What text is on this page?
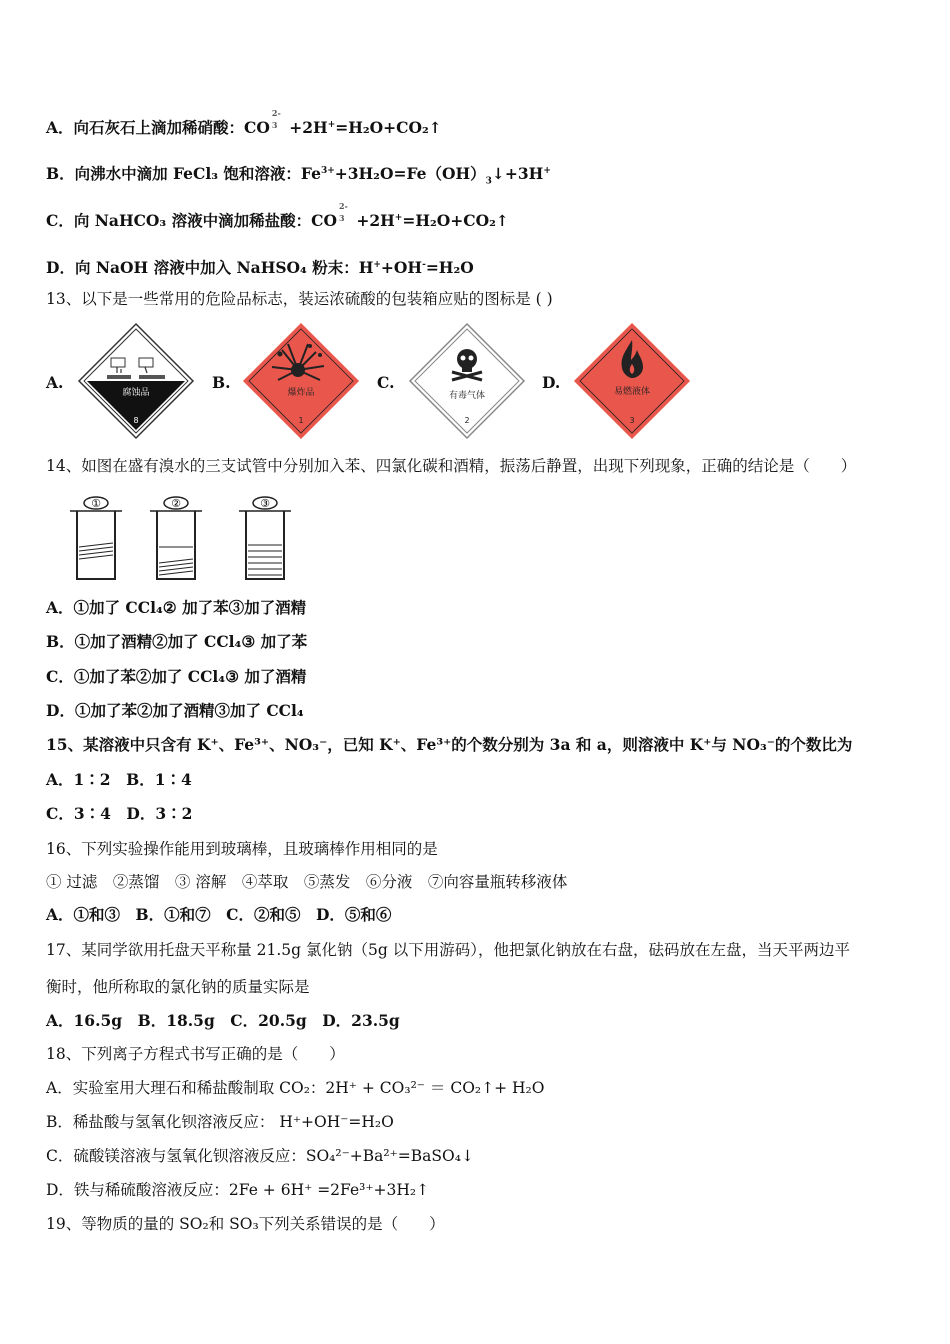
A．向石灰石上滴加稀硝酸：CO
2-
3 +2H+=H₂O+CO₂↑
B．向沸水中滴加 FeCl₃ 饱和溶液：$Fe^{3+}+3H_2O=Fe(OH)_3↓+3H^+$
C．向 NaHCO₃ 溶液中滴加稀盐酸：CO
2-
3 +2H+=H₂O+CO₂↑
D．向 NaOH 溶液中加入 NaHSO₄ 粉末：H++OH-=H₂O
13、以下是一些常用的危险品标志，装运浓硫酸的包装箱应贴的图标是 ( )
A.	B.	C.	D.
腐蚀品
8
爆炸品
1
有毒气体
2
易燃液体
3
14、如图在盛有溴水的三支试管中分别加入苯、四氯化碳和酒精，振荡后静置，出现下列现象，正确的结论是（　　）
①	②	③
A．①加了 CCl₄② 加了苯③加了酒精
B．①加了酒精②加了 CCl₄③ 加了苯
C．①加了苯②加了 CCl₄③ 加了酒精
D．①加了苯②加了酒精③加了 CCl₄
15、某溶液中只含有 K⁺、Fe³⁺、NO₃⁻，已知 K⁺、Fe³⁺的个数分别为 3a 和 a，则溶液中 K⁺与 NO₃⁻的个数比为
A．1∶2　B．1∶4
C．3∶4　D．3∶2
16、下列实验操作能用到玻璃棒，且玻璃棒作用相同的是
① 过滤　②蒸馏　③ 溶解　④萃取　⑤蒸发　⑥分液　⑦向容量瓶转移液体
A．①和③　B．①和⑦　C．②和⑤　D．⑤和⑥
17、某同学欲用托盘天平称量 21.5g 氯化钠（5g 以下用游码），他把氯化钠放在右盘，砝码放在左盘，当天平两边平
衡时，他所称取的氯化钠的质量实际是
A．16.5g　B．18.5g　C．20.5g　D．23.5g
18、下列离子方程式书写正确的是（　　）
A．实验室用大理石和稀盐酸制取 CO₂：2H⁺ + CO₃²⁻ ＝ CO₂↑+ H₂O
B．稀盐酸与氢氧化钡溶液反应： H⁺+OH⁻=H₂O
C．硫酸镁溶液与氢氧化钡溶液反应：SO₄²⁻+Ba²⁺=BaSO₄↓
D．铁与稀硫酸溶液反应：2Fe + 6H⁺ =2Fe³⁺+3H₂↑
19、等物质的量的 SO₂和 SO₃下列关系错误的是（　　）
